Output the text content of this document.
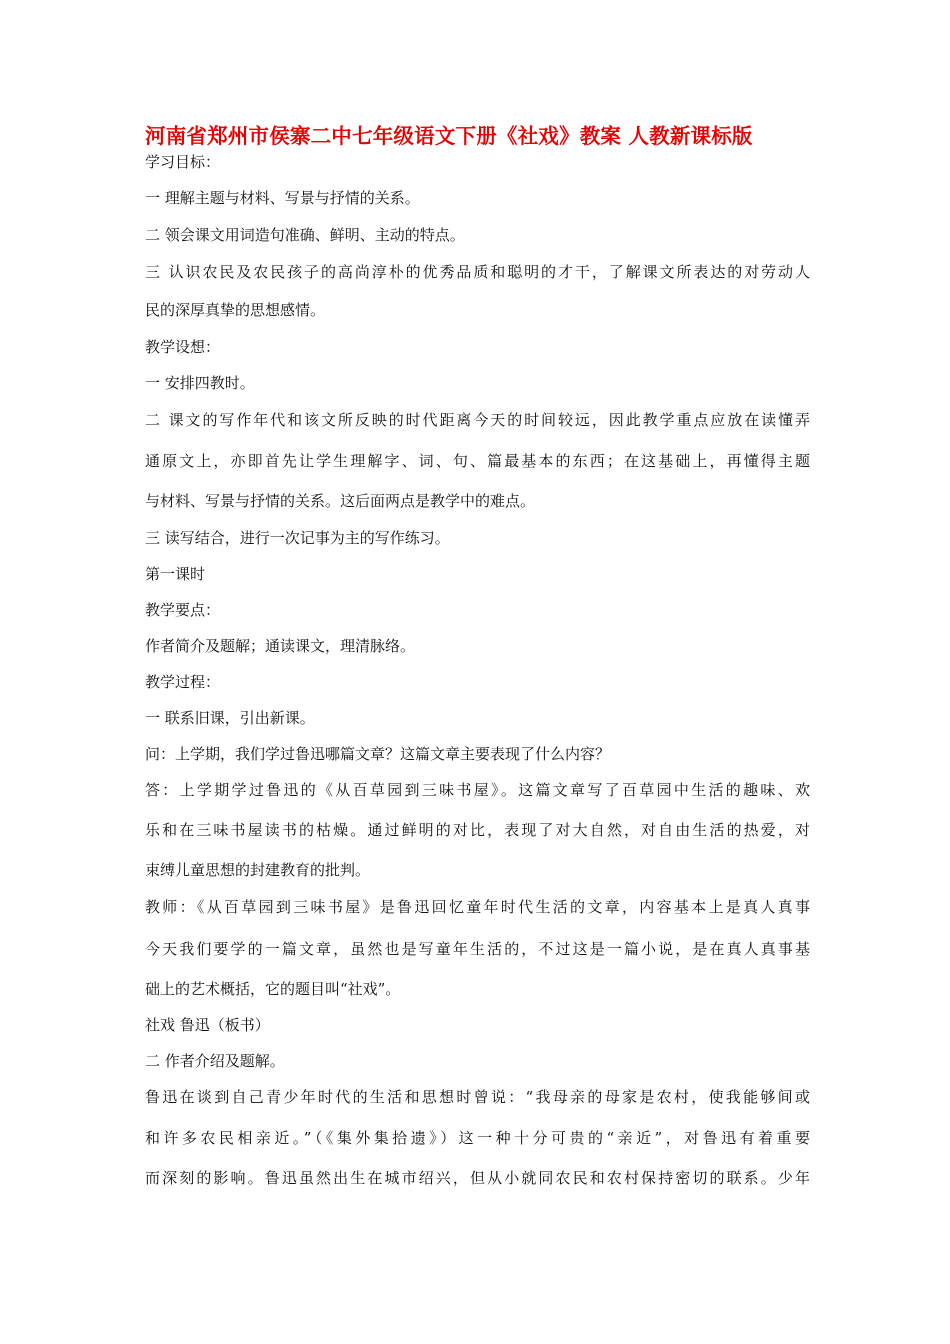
河南省郑州市侯寨二中七年级语文下册《社戏》教案 人教新课标版
学习目标：
一 理解主题与材料、写景与抒情的关系。
二 领会课文用词造句准确、鲜明、主动的特点。
三 认识农民及农民孩子的高尚淳朴的优秀品质和聪明的才干，了解课文所表达的对劳动人
民的深厚真挚的思想感情。
教学设想：
一 安排四教时。
二 课文的写作年代和该文所反映的时代距离今天的时间较远，因此教学重点应放在读懂弄
通原文上，亦即首先让学生理解字、词、句、篇最基本的东西；在这基础上，再懂得主题
与材料、写景与抒情的关系。这后面两点是教学中的难点。
三 读写结合，进行一次记事为主的写作练习。
第一课时
教学要点：
作者简介及题解；通读课文，理清脉络。
教学过程：
一 联系旧课，引出新课。
问：上学期，我们学过鲁迅哪篇文章？这篇文章主要表现了什么内容？
答：上学期学过鲁迅的《从百草园到三味书屋》。这篇文章写了百草园中生活的趣味、欢
乐和在三味书屋读书的枯燥。通过鲜明的对比，表现了对大自然，对自由生活的热爱，对
束缚儿童思想的封建教育的批判。
教师：《从百草园到三味书屋》是鲁迅回忆童年时代生活的文章，内容基本上是真人真事
今天我们要学的一篇文章，虽然也是写童年生活的，不过这是一篇小说，是在真人真事基
础上的艺术概括，它的题目叫“社戏”。
社戏 鲁迅（板书）
二 作者介绍及题解。
鲁迅在谈到自己青少年时代的生活和思想时曾说：“我母亲的母家是农村，使我能够间或
和许多农民相亲近。”（《集外集拾遗》）这一种十分可贵的“亲近”，对鲁迅有着重要
而深刻的影响。鲁迅虽然出生在城市绍兴，但从小就同农民和农村保持密切的联系。少年
